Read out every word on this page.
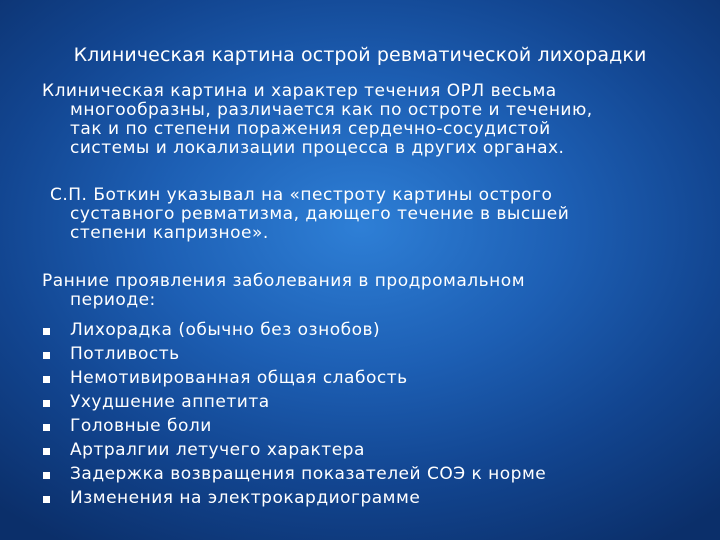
Клиническая картина острой ревматической лихорадки
Клиническая картина и характер течения ОРЛ весьма
многообразны, различается как по остроте и течению,
так и по степени поражения сердечно-сосудистой
системы и локализации процесса в других органах.
С.П. Боткин указывал на «пестроту картины острого
суставного ревматизма, дающего течение в высшей
степени капризное».
Ранние проявления заболевания в продромальном
периоде:
Лихорадка (обычно без ознобов)
Потливость
Немотивированная общая слабость
Ухудшение аппетита
Головные боли
Артралгии летучего характера
Задержка возвращения показателей СОЭ к норме
Изменения на электрокардиограмме
